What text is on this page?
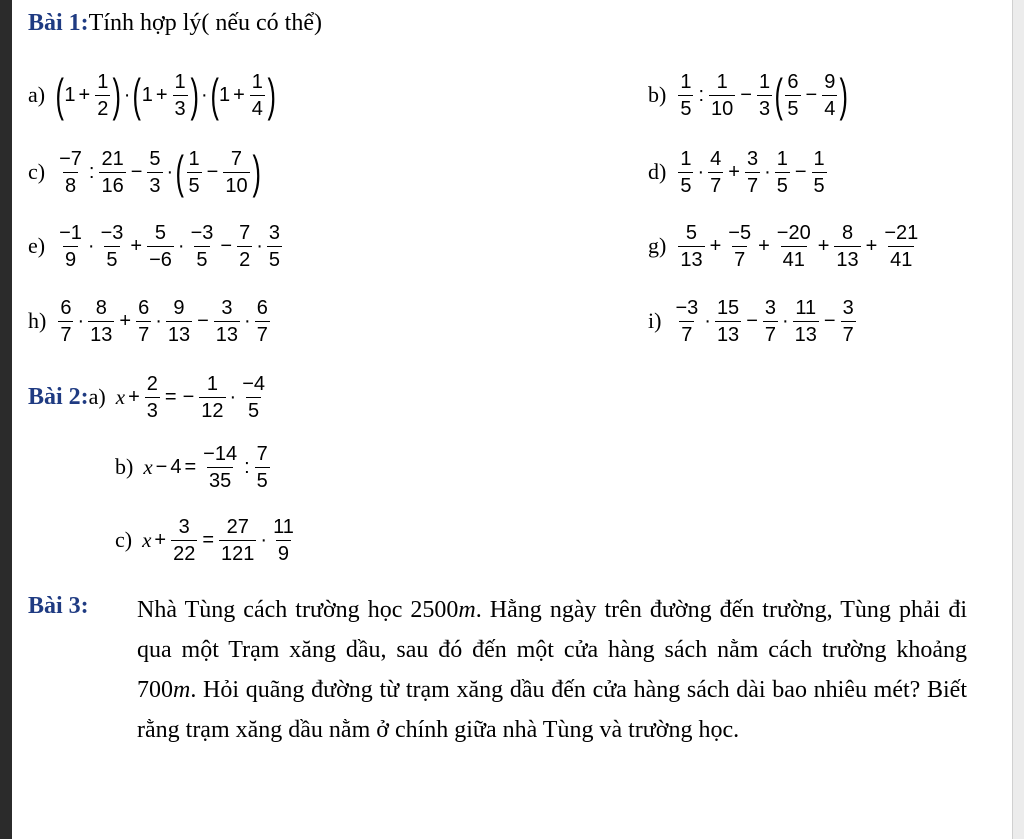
Bài 1:Tính hợp lý( nếu có thể)
a) ( $1 + \frac{1}{2}$ ) · ( $1 + \frac{1}{3}$ ) · ( $1 + \frac{1}{4}$ )	b)
1
5
:
1
10
− $\frac{1}{3}$ ( 6
5
− $\frac{9}{4}$ )
c)
−7
8
:
21
16
− $\frac{5}{3}$ · ( 1
5
− $\frac{7}{10}$ )	d)
1
5
·
4
7
+ $\frac{3}{7}$ ·
1
5
− $\frac{1}{5}$
e)
−1
9
·
−3
5
+ $\frac{5}{-6}$ ·
−3
5
− $\frac{7}{2}$ ·
3
5
g)
5
13
+ $\frac{-5}{7} + \frac{-20}{41} + \frac{8}{13} + \frac{-21}{41}$
h)
6
7
·
8
13
+ $\frac{6}{7}$ ·
9
13
− $\frac{3}{13}$ ·
6
7
i)
−3
7
·
15
13
− $\frac{3}{7}$ ·
11
13
− $\frac{3}{7}$
Bài 2: a) $x + \frac{2}{3}$ = − $\frac{1}{12}$ ·
−4
5
b) $x - 4 = \frac{-14}{35}$ :
7
5
c) $x + \frac{3}{22} = \frac{27}{121}$ ·
11
9
Bài 3: Nhà Tùng cách trường học 2500m. Hằng ngày trên đường đến trường, Tùng phải đi qua một Trạm xăng dầu, sau đó đến một cửa hàng sách nằm cách trường khoảng 700m. Hỏi quãng đường từ trạm xăng dầu đến cửa hàng sách dài bao nhiêu mét? Biết rằng trạm xăng dầu nằm ở chính giữa nhà Tùng và trường học.
